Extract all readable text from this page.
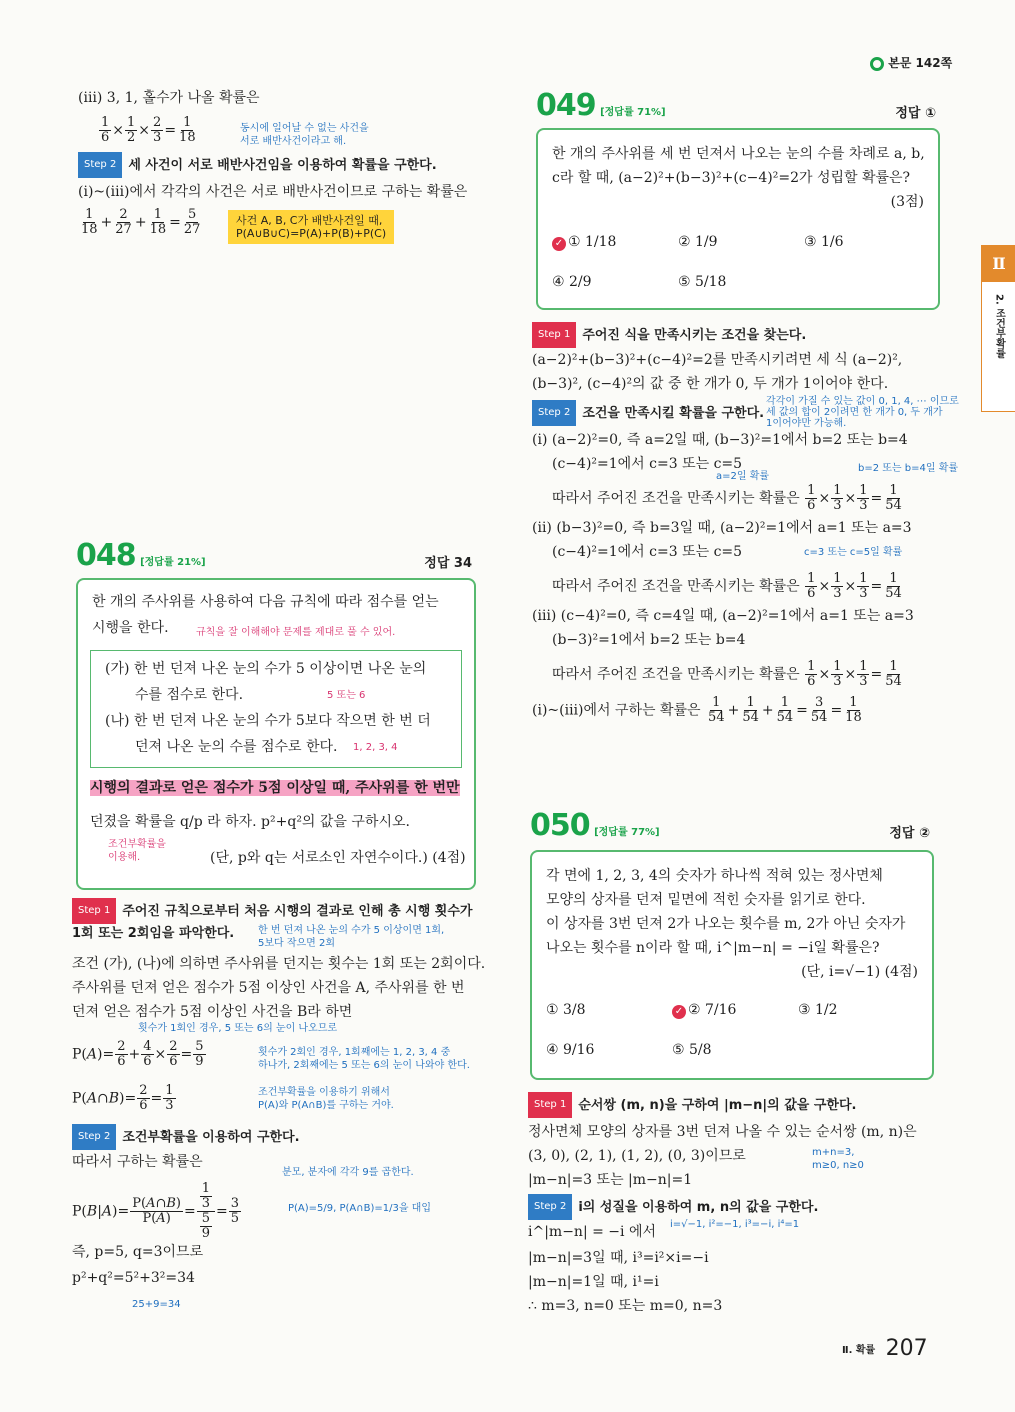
본문 142쪽
Ⅱ
2. 조건부확률
(ⅲ) 3, 1, 홀수가 나올 확률은
$\frac{1}{6} \times \frac{1}{2} \times \frac{2}{3} = \frac{1}{18}$	동시에 일어날 수 없는 사건을
서로 배반사건이라고 해.
Step 2 세 사건이 서로 배반사건임을 이용하여 확률을 구한다.
(ⅰ)~(ⅲ)에서 각각의 사건은 서로 배반사건이므로 구하는 확률은
$\frac{1}{18} + \frac{2}{27} + \frac{1}{18} = \frac{5}{27}$	사건 A, B, C가 배반사건일 때,
P(A∪B∪C)=P(A)+P(B)+P(C)
048 [정답률 21%]	정답 34
한 개의 주사위를 사용하여 다음 규칙에 따라 점수를 얻는
시행을 한다.	규칙을 잘 이해해야 문제를 제대로 풀 수 있어.
(가) 한 번 던져 나온 눈의 수가 5 이상이면 나온 눈의
수를 점수로 한다.	5 또는 6
(나) 한 번 던져 나온 눈의 수가 5보다 작으면 한 번 더
던져 나온 눈의 수를 점수로 한다. 1, 2, 3, 4
시행의 결과로 얻은 점수가 5점 이상일 때, 주사위를 한 번만
던졌을 확률을 q/p 라 하자. p²+q²의 값을 구하시오.
조건부확률을
이용해.	(단, p와 q는 서로소인 자연수이다.) (4점)
Step 1 주어진 규칙으로부터 처음 시행의 결과로 인해 총 시행 횟수가
1회 또는 2회임을 파악한다. 한 번 던져 나온 눈의 수가 5 이상이면 1회,
5보다 작으면 2회
조건 (가), (나)에 의하면 주사위를 던지는 횟수는 1회 또는 2회이다.
주사위를 던져 얻은 점수가 5점 이상인 사건을 A, 주사위를 한 번
던져 얻은 점수가 5점 이상인 사건을 B라 하면
횟수가 1회인 경우, 5 또는 6의 눈이 나오므로
$P(A)= \frac{2}{6} + \frac{4}{6} \times \frac{2}{6} = \frac{5}{9}$	횟수가 2회인 경우, 1회째에는 1, 2, 3, 4 중
하나가, 2회째에는 5 또는 6의 눈이 나와야 한다.
P(A∩B)= $\frac{2}{6} = \frac{1}{3}$	조건부확률을 이용하기 위해서
P(A)와 P(A∩B)를 구하는 거야.
Step 2 조건부확률을 이용하여 구한다.
따라서 구하는 확률은
분모, 분자에 각각 9를 곱한다.
$P(B|A)= \frac{P(A\cap B)}{P(A)} = \frac{\frac{1}{3}}{\frac{5}{9}} = \frac{3}{5}$	P(A)=5/9, P(A∩B)=1/3을 대입
즉, p=5, q=3이므로
p²+q²=5²+3²=34
25+9=34
049 [정답률 71%]	정답 ①
한 개의 주사위를 세 번 던져서 나오는 눈의 수를 차례로 a, b,
c라 할 때, (a−2)²+(b−3)²+(c−4)²=2가 성립할 확률은?
(3점)
✓ ① 1/18	② 1/9	③ 1/6
④ 2/9	⑤ 5/18
Step 1 주어진 식을 만족시키는 조건을 찾는다.
(a−2)²+(b−3)²+(c−4)²=2를 만족시키려면 세 식 (a−2)²,
(b−3)², (c−4)²의 값 중 한 개가 0, 두 개가 1이어야 한다.
각각이 가질 수 있는 값이 0, 1, 4, ⋯ 이므로
세 값의 합이 2이려면 한 개가 0, 두 개가
1이어야만 가능해.
Step 2 조건을 만족시킬 확률을 구한다.
(ⅰ) (a−2)²=0, 즉 a=2일 때, (b−3)²=1에서 b=2 또는 b=4
(c−4)²=1에서 c=3 또는 c=5
a=2일 확률
b=2 또는 b=4일 확률
따라서 주어진 조건을 만족시키는 확률은 $\frac{1}{6} \times \frac{1}{3} \times \frac{1}{3} = \frac{1}{54}$
(ⅱ) (b−3)²=0, 즉 b=3일 때, (a−2)²=1에서 a=1 또는 a=3
(c−4)²=1에서 c=3 또는 c=5	c=3 또는 c=5일 확률
따라서 주어진 조건을 만족시키는 확률은 $\frac{1}{6} \times \frac{1}{3} \times \frac{1}{3} = \frac{1}{54}$
(ⅲ) (c−4)²=0, 즉 c=4일 때, (a−2)²=1에서 a=1 또는 a=3
(b−3)²=1에서 b=2 또는 b=4
따라서 주어진 조건을 만족시키는 확률은 $\frac{1}{6} \times \frac{1}{3} \times \frac{1}{3} = \frac{1}{54}$
(ⅰ)~(ⅲ)에서 구하는 확률은 $\frac{1}{54} + \frac{1}{54} + \frac{1}{54} = \frac{3}{54} = \frac{1}{18}$
050 [정답률 77%]	정답 ②
각 면에 1, 2, 3, 4의 숫자가 하나씩 적혀 있는 정사면체
모양의 상자를 던져 밑면에 적힌 숫자를 읽기로 한다.
이 상자를 3번 던져 2가 나오는 횟수를 m, 2가 아닌 숫자가
나오는 횟수를 n이라 할 때, i^|m−n| = −i일 확률은?
(단, i=√−1) (4점)
① 3/8	✓ ② 7/16	③ 1/2
④ 9/16	⑤ 5/8
Step 1 순서쌍 (m, n)을 구하여 |m−n|의 값을 구한다.
정사면체 모양의 상자를 3번 던져 나올 수 있는 순서쌍 (m, n)은
(3, 0), (2, 1), (1, 2), (0, 3)이므로	m+n=3,
m≥0, n≥0
|m−n|=3 또는 |m−n|=1
Step 2 i의 성질을 이용하여 m, n의 값을 구한다.
i^|m−n| = −i 에서 i=√−1, i²=−1, i³=−i, i⁴=1
|m−n|=3일 때, i³=i²×i=−i
|m−n|=1일 때, i¹=i
∴ m=3, n=0 또는 m=0, n=3
Ⅱ. 확률 207
